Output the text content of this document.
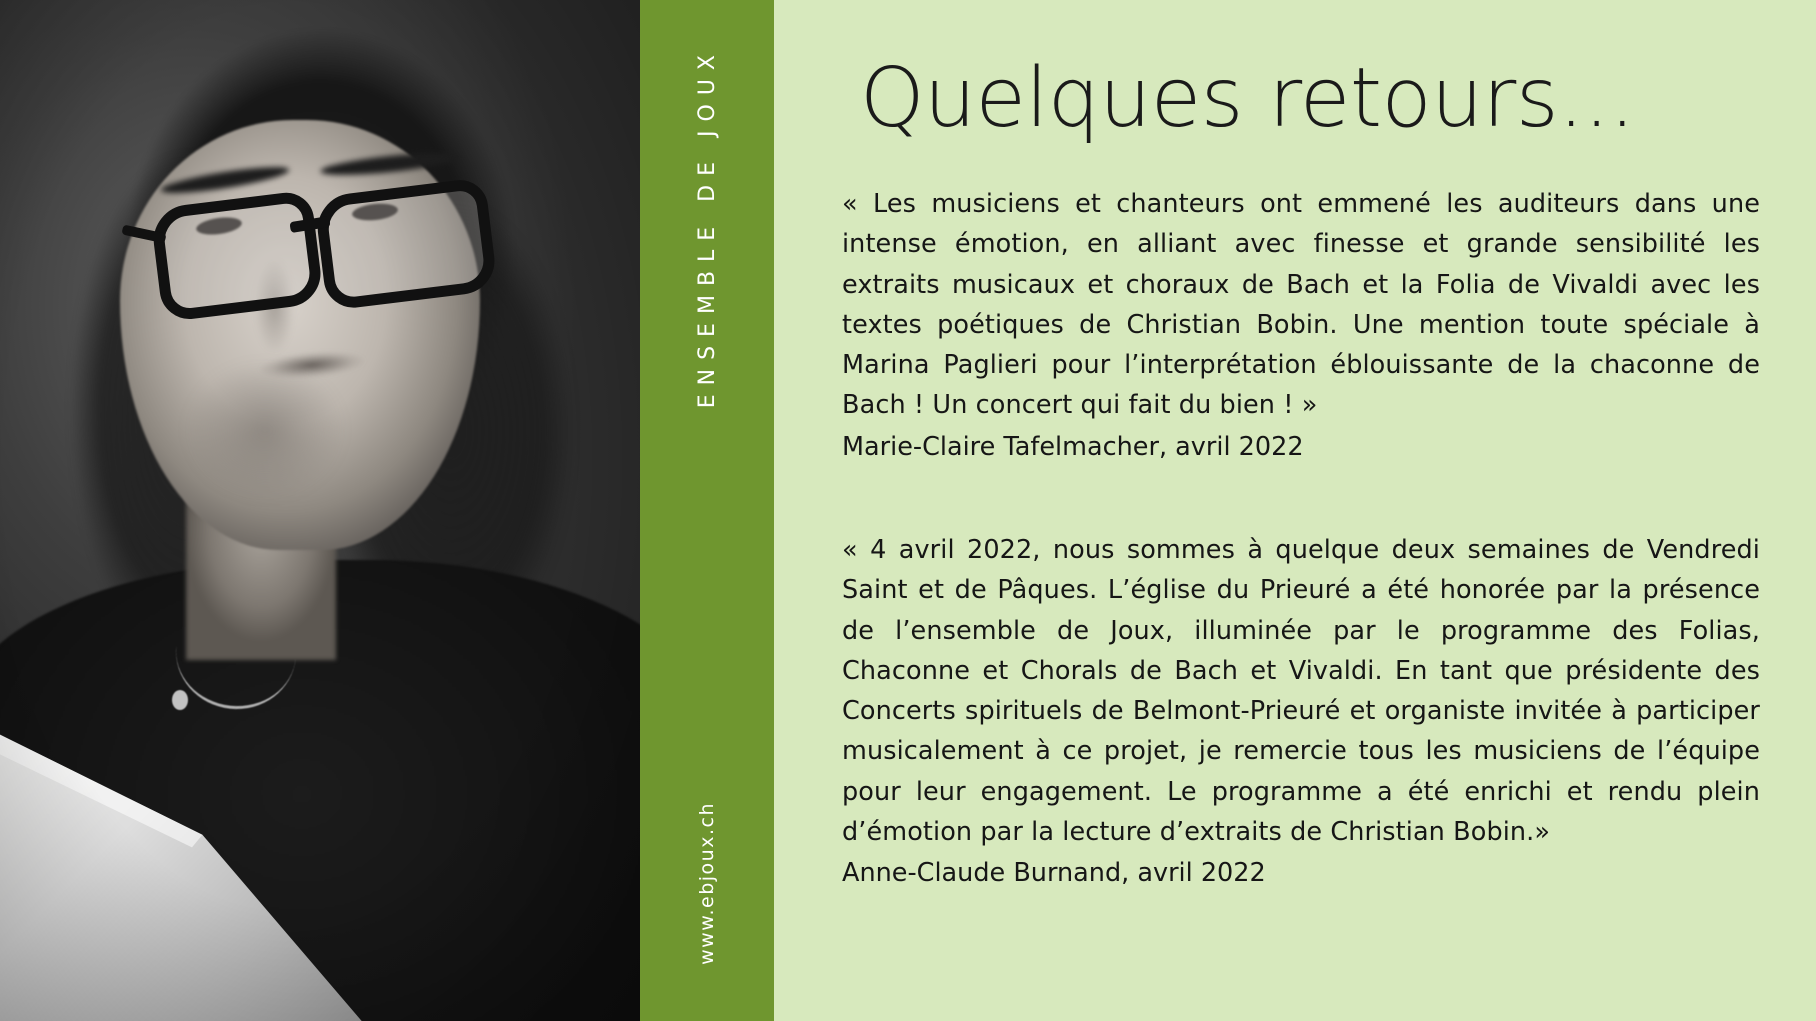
ENSEMBLE DE JOUX
www.ebjoux.ch
Quelques retours...

« Les musiciens et chanteurs ont emmené les auditeurs dans une intense émotion, en alliant avec finesse et grande sensibilité les extraits musicaux et choraux de Bach et la Folia de Vivaldi avec les textes poétiques de Christian Bobin. Une mention toute spéciale à Marina Paglieri pour l’interprétation éblouissante de la chaconne de Bach ! Un concert qui fait du bien ! »

Marie-Claire Tafelmacher, avril 2022

« 4 avril 2022, nous sommes à quelque deux semaines de Vendredi Saint et de Pâques. L’église du Prieuré a été honorée par la présence de l’ensemble de Joux, illuminée par le programme des Folias, Chaconne et Chorals de Bach et Vivaldi. En tant que présidente des Concerts spirituels de Belmont-Prieuré et organiste invitée à participer musicalement à ce projet, je remercie tous les musiciens de l’équipe pour leur engagement. Le programme a été enrichi et rendu plein d’émotion par la lecture d’extraits de Christian Bobin.»

Anne-Claude Burnand, avril 2022
